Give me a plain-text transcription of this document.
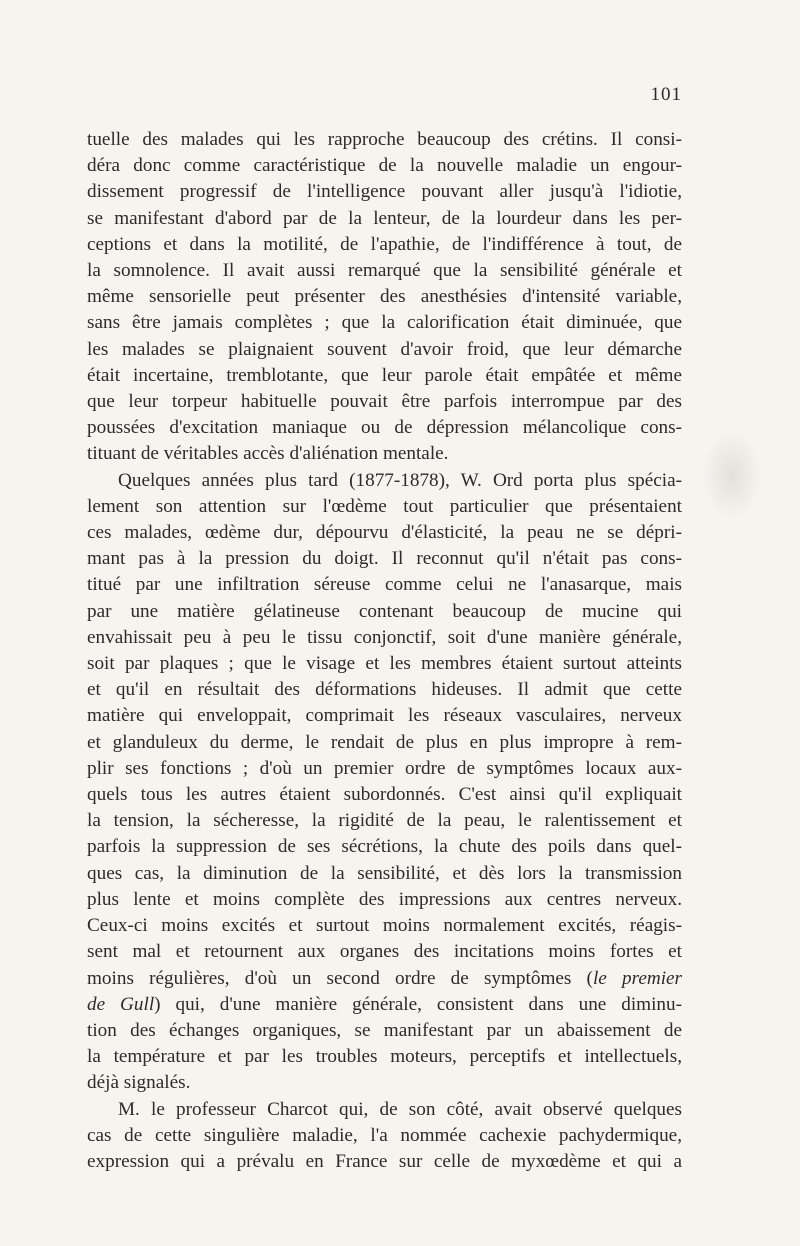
101
tuelle des malades qui les rapproche beaucoup des crétins. Il consi-
déra donc comme caractéristique de la nouvelle maladie un engour-
dissement progressif de l'intelligence pouvant aller jusqu'à l'idiotie,
se manifestant d'abord par de la lenteur, de la lourdeur dans les per-
ceptions et dans la motilité, de l'apathie, de l'indifférence à tout, de
la somnolence. Il avait aussi remarqué que la sensibilité générale et
même sensorielle peut présenter des anesthésies d'intensité variable,
sans être jamais complètes ; que la calorification était diminuée, que
les malades se plaignaient souvent d'avoir froid, que leur démarche
était incertaine, tremblotante, que leur parole était empâtée et même
que leur torpeur habituelle pouvait être parfois interrompue par des
poussées d'excitation maniaque ou de dépression mélancolique cons-
tituant de véritables accès d'aliénation mentale.
Quelques années plus tard (1877-1878), W. Ord porta plus spécia-
lement son attention sur l'œdème tout particulier que présentaient
ces malades, œdème dur, dépourvu d'élasticité, la peau ne se dépri-
mant pas à la pression du doigt. Il reconnut qu'il n'était pas cons-
titué par une infiltration séreuse comme celui ne l'anasarque, mais
par une matière gélatineuse contenant beaucoup de mucine qui
envahissait peu à peu le tissu conjonctif, soit d'une manière générale,
soit par plaques ; que le visage et les membres étaient surtout atteints
et qu'il en résultait des déformations hideuses. Il admit que cette
matière qui enveloppait, comprimait les réseaux vasculaires, nerveux
et glanduleux du derme, le rendait de plus en plus impropre à rem-
plir ses fonctions ; d'où un premier ordre de symptômes locaux aux-
quels tous les autres étaient subordonnés. C'est ainsi qu'il expliquait
la tension, la sécheresse, la rigidité de la peau, le ralentissement et
parfois la suppression de ses sécrétions, la chute des poils dans quel-
ques cas, la diminution de la sensibilité, et dès lors la transmission
plus lente et moins complète des impressions aux centres nerveux.
Ceux-ci moins excités et surtout moins normalement excités, réagis-
sent mal et retournent aux organes des incitations moins fortes et
moins régulières, d'où un second ordre de symptômes (le premier
de Gull) qui, d'une manière générale, consistent dans une diminu-
tion des échanges organiques, se manifestant par un abaissement de
la température et par les troubles moteurs, perceptifs et intellectuels,
déjà signalés.
M. le professeur Charcot qui, de son côté, avait observé quelques
cas de cette singulière maladie, l'a nommée cachexie pachydermique,
expression qui a prévalu en France sur celle de myxœdème et qui a
